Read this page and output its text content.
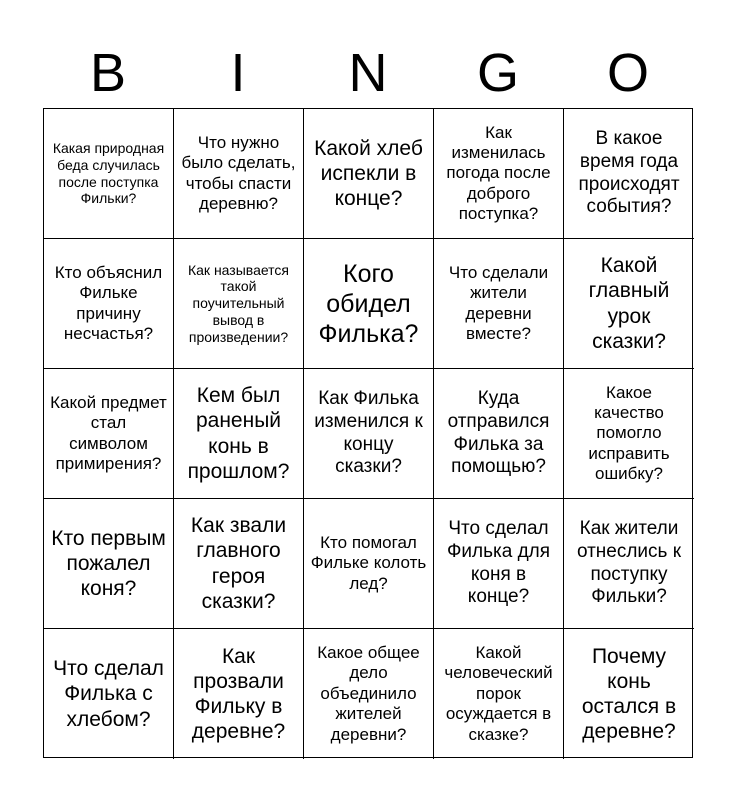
B	I	N	G	O
Какая природная беда случилась после поступка Фильки?
Что нужно было сделать, чтобы спасти деревню?
Какой хлеб испекли в конце?
Как изменилась погода после доброго поступка?
В какое время года происходят события?
Кто объяснил Фильке причину несчастья?
Как называется такой поучительный вывод в произведении?
Кого обидел Филька?
Что сделали жители деревни вместе?
Какой главный урок сказки?
Какой предмет стал символом примирения?
Кем был раненый конь в прошлом?
Как Филька изменился к концу сказки?
Куда отправился Филька за помощью?
Какое качество помогло исправить ошибку?
Кто первым пожалел коня?
Как звали главного героя сказки?
Кто помогал Фильке колоть лед?
Что сделал Филька для коня в конце?
Как жители отнеслись к поступку Фильки?
Что сделал Филька с хлебом?
Как прозвали Фильку в деревне?
Какое общее дело объединило жителей деревни?
Какой человеческий порок осуждается в сказке?
Почему конь остался в деревне?
